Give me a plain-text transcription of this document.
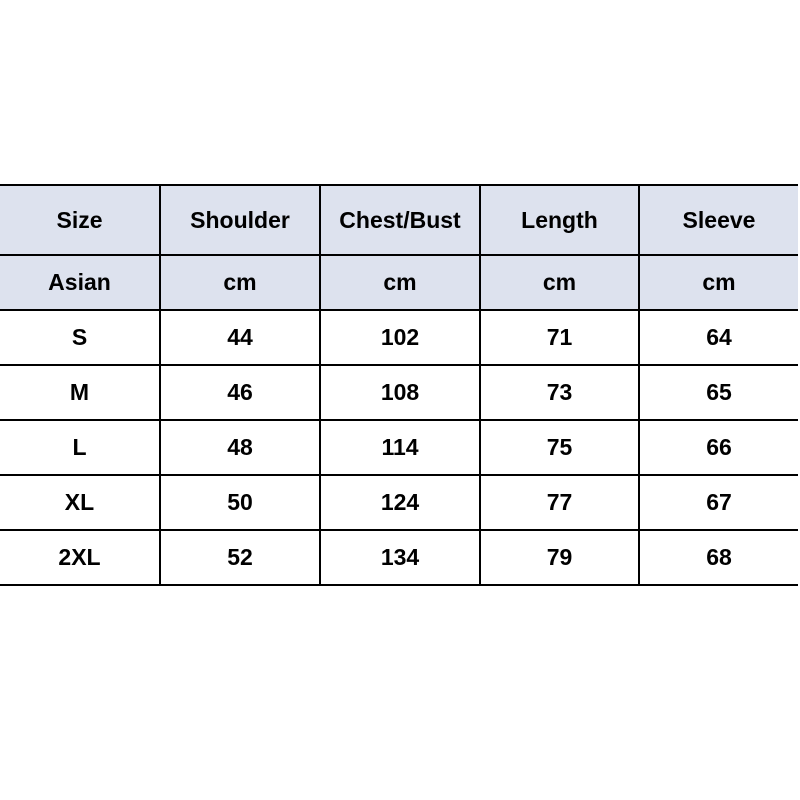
Size	Shoulder	Chest/Bust	Length	Sleeve
Asian	cm	cm	cm	cm
S	44	102	71	64
M	46	108	73	65
L	48	114	75	66
XL	50	124	77	67
2XL	52	134	79	68
